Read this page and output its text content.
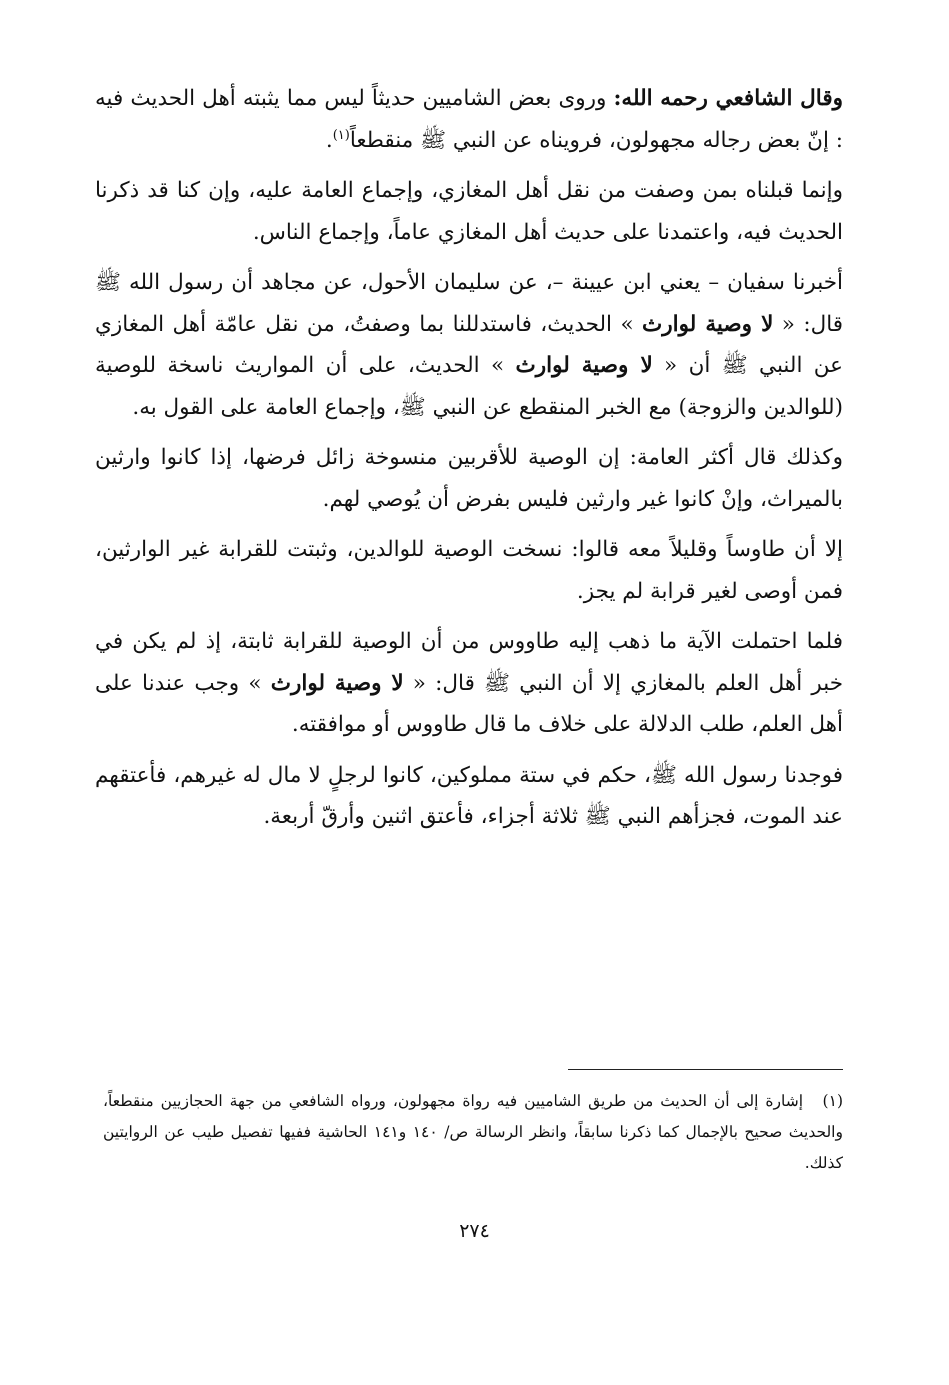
وقال الشافعي رحمه الله: وروى بعض الشاميين حديثاً ليس مما يثبته أهل الحديث فيه : إنّ بعض رجاله مجهولون، فرويناه عن النبي ﷺ منقطعاً$^{(١)}$.

وإنما قبلناه بمن وصفت من نقل أهل المغازي، وإجماع العامة عليه، وإن كنا قد ذكرنا الحديث فيه، واعتمدنا على حديث أهل المغازي عاماً، وإجماع الناس.

أخبرنا سفيان – يعني ابن عيينة –، عن سليمان الأحول، عن مجاهد أن رسول الله ﷺ قال: « لا وصية لوارث » الحديث، فاستدللنا بما وصفتُ، من نقل عامّة أهل المغازي عن النبي ﷺ أن « لا وصية لوارث » الحديث، على أن المواريث ناسخة للوصية (للوالدين والزوجة) مع الخبر المنقطع عن النبي ﷺ، وإجماع العامة على القول به.

وكذلك قال أكثر العامة: إن الوصية للأقربين منسوخة زائل فرضها، إذا كانوا وارثين بالميراث، وإنْ كانوا غير وارثين فليس بفرض أن يُوصي لهم.

إلا أن طاوساً وقليلاً معه قالوا: نسخت الوصية للوالدين، وثبتت للقرابة غير الوارثين، فمن أوصى لغير قرابة لم يجز.

فلما احتملت الآية ما ذهب إليه طاووس من أن الوصية للقرابة ثابتة، إذ لم يكن في خبر أهل العلم بالمغازي إلا أن النبي ﷺ قال: « لا وصية لوارث » وجب عندنا على أهل العلم، طلب الدلالة على خلاف ما قال طاووس أو موافقته.

فوجدنا رسول الله ﷺ، حكم في ستة مملوكين، كانوا لرجلٍ لا مال له غيرهم، فأعتقهم عند الموت، فجزأهم النبي ﷺ ثلاثة أجزاء، فأعتق اثنين وأرقّ أربعة.

(١)إشارة إلى أن الحديث من طريق الشاميين فيه رواة مجهولون، ورواه الشافعي من جهة الحجازيين منقطعاً، والحديث صحيح بالإجمال كما ذكرنا سابقاً، وانظر الرسالة ص/ ١٤٠ و١٤١ الحاشية ففيها تفصيل طيب عن الروايتين كذلك.

٢٧٤
